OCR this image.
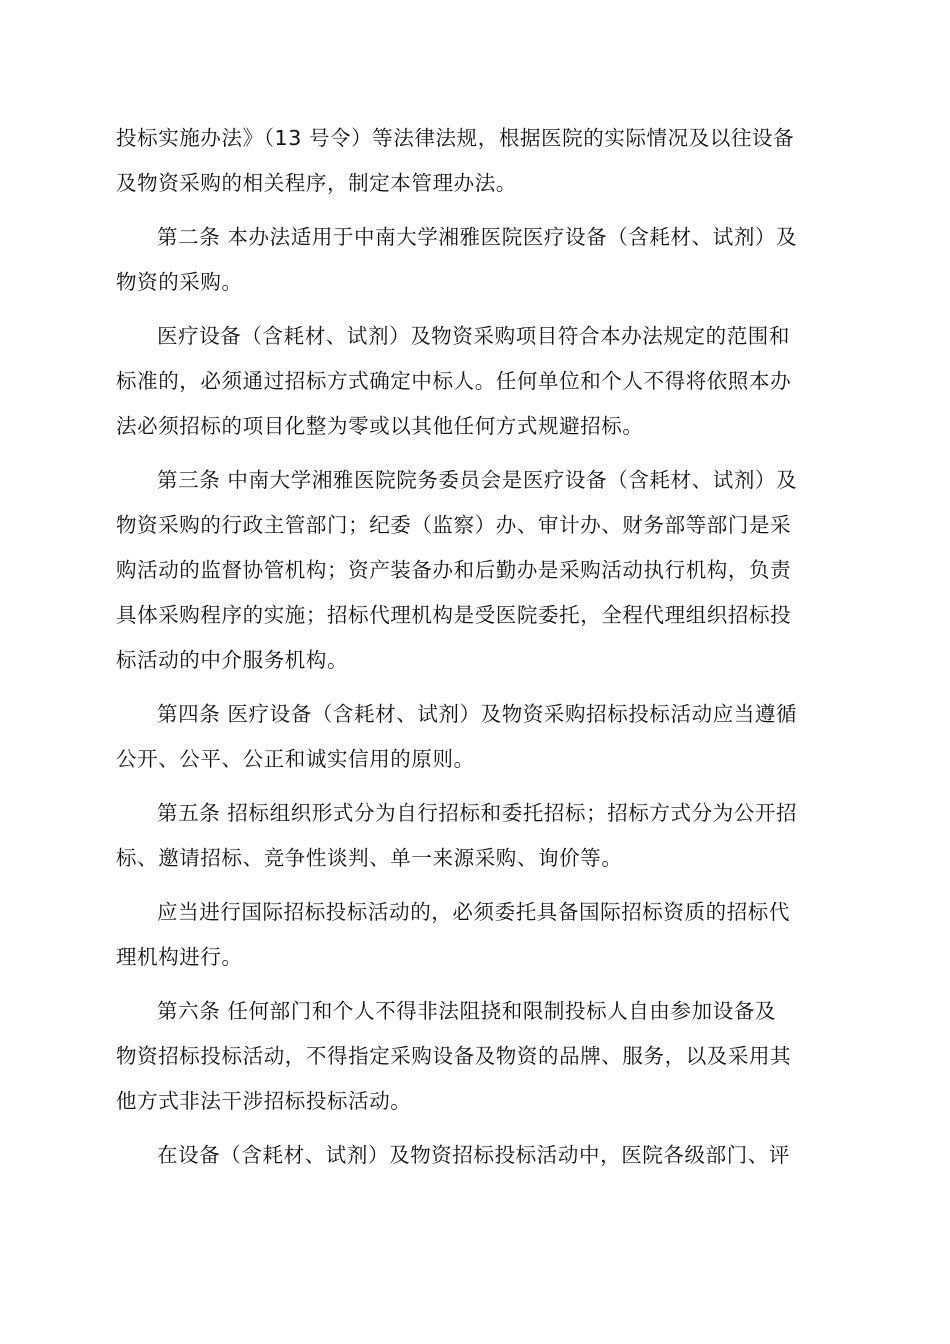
投标实施办法》（13 号令）等法律法规，根据医院的实际情况及以往设备
及物资采购的相关程序，制定本管理办法。

第二条 本办法适用于中南大学湘雅医院医疗设备（含耗材、试剂）及
物资的采购。

医疗设备（含耗材、试剂）及物资采购项目符合本办法规定的范围和
标准的，必须通过招标方式确定中标人。任何单位和个人不得将依照本办
法必须招标的项目化整为零或以其他任何方式规避招标。

第三条 中南大学湘雅医院院务委员会是医疗设备（含耗材、试剂）及
物资采购的行政主管部门；纪委（监察）办、审计办、财务部等部门是采
购活动的监督协管机构；资产装备办和后勤办是采购活动执行机构，负责
具体采购程序的实施；招标代理机构是受医院委托，全程代理组织招标投
标活动的中介服务机构。

第四条 医疗设备（含耗材、试剂）及物资采购招标投标活动应当遵循
公开、公平、公正和诚实信用的原则。

第五条 招标组织形式分为自行招标和委托招标；招标方式分为公开招
标、邀请招标、竞争性谈判、单一来源采购、询价等。

应当进行国际招标投标活动的，必须委托具备国际招标资质的招标代
理机构进行。

第六条 任何部门和个人不得非法阻挠和限制投标人自由参加设备及
物资招标投标活动，不得指定采购设备及物资的品牌、服务，以及采用其
他方式非法干涉招标投标活动。

在设备（含耗材、试剂）及物资招标投标活动中，医院各级部门、评
